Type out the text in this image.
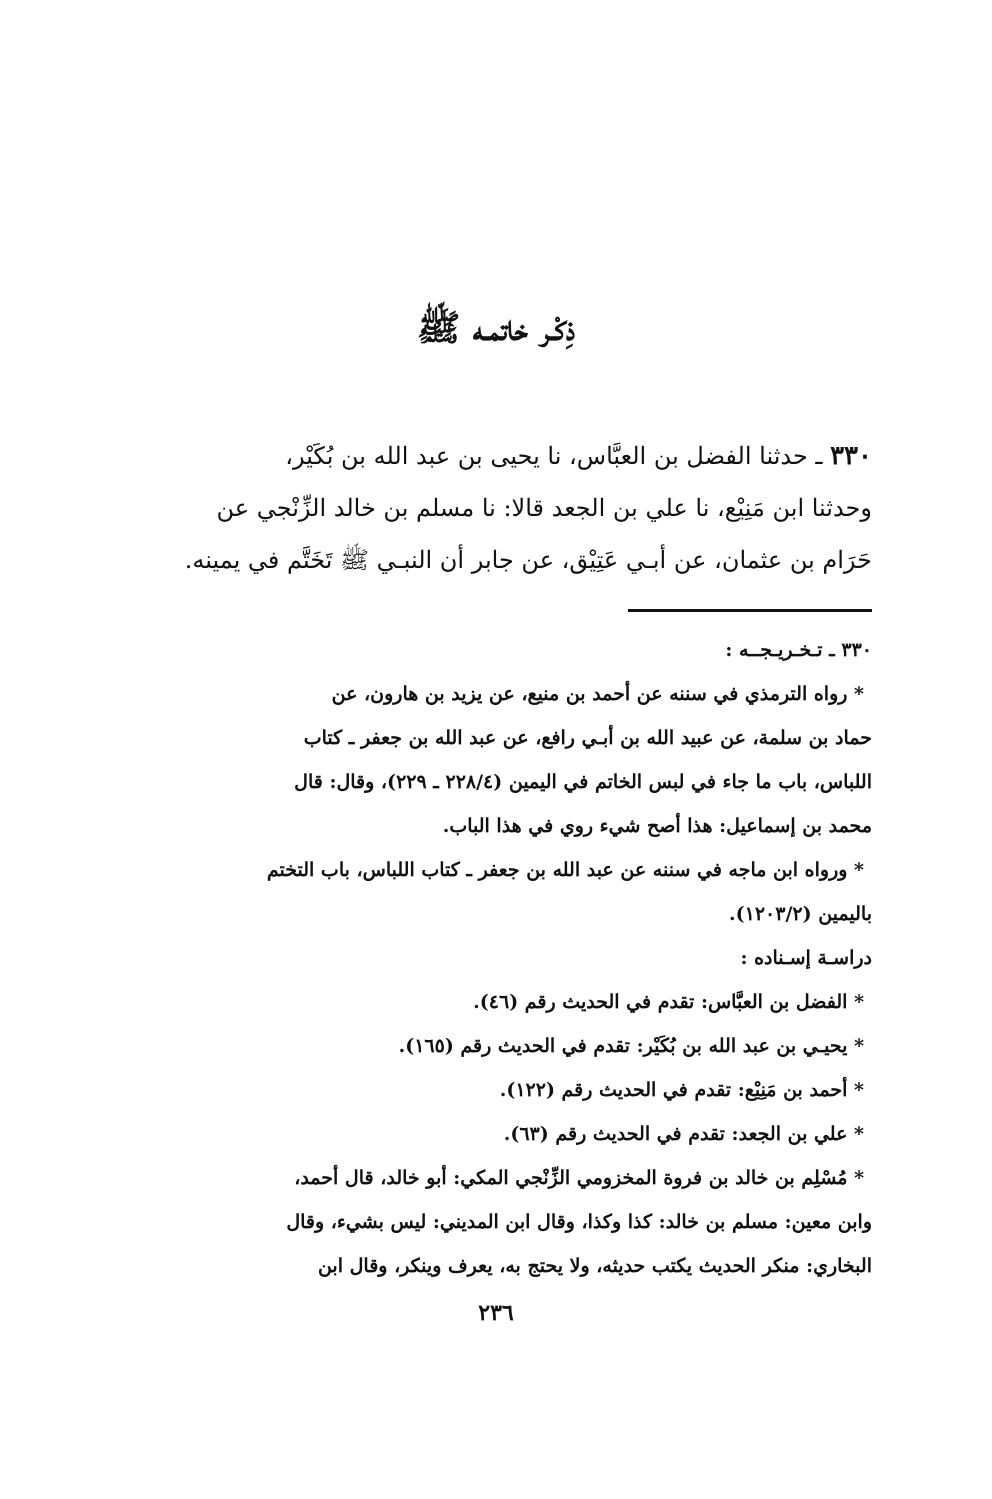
ذِكْـر خاتمـه ﷺ
٣٣٠ ـ حدثنا الفضل بن العبَّاس، نا يحيى بن عبد الله بن بُكَيْر،
وحدثنا ابن مَنِيْع، نا علي بن الجعد قالا: نا مسلم بن خالد الزِّنْجي عن
حَرَام بن عثمان، عن أبـي عَتِيْق، عن جابر أن النبـي ﷺ تَخَتَّم في يمينه.
٣٣٠ ـ تـخـريـجــه :
* رواه الترمذي في سننه عن أحمد بن منيع، عن يزيد بن هارون، عن
حماد بن سلمة، عن عبيد الله بن أبـي رافع، عن عبد الله بن جعفر ـ كتاب
اللباس، باب ما جاء في لبس الخاتم في اليمين (٢٢٨/٤ ـ ٢٢٩)، وقال: قال
محمد بن إسماعيل: هذا أصح شيء روي في هذا الباب.
* ورواه ابن ماجه في سننه عن عبد الله بن جعفر ـ كتاب اللباس، باب التختم
باليمين (١٢٠٣/٢).
دراسـة إسـناده :
* الفضل بن العبَّاس: تقدم في الحديث رقم (٤٦).
* يحيـي بن عبد الله بن بُكَيْر: تقدم في الحديث رقم (١٦٥).
* أحمد بن مَنِيْع: تقدم في الحديث رقم (١٢٢).
* علي بن الجعد: تقدم في الحديث رقم (٦٣).
* مُسْلِم بن خالد بن فروة المخزومي الزِّنْجي المكي: أبو خالد، قال أحمد،
وابن معين: مسلم بن خالد: كذا وكذا، وقال ابن المديني: ليس بشيء، وقال
البخاري: منكر الحديث يكتب حديثه، ولا يحتج به، يعرف وينكر، وقال ابن
٢٣٦
